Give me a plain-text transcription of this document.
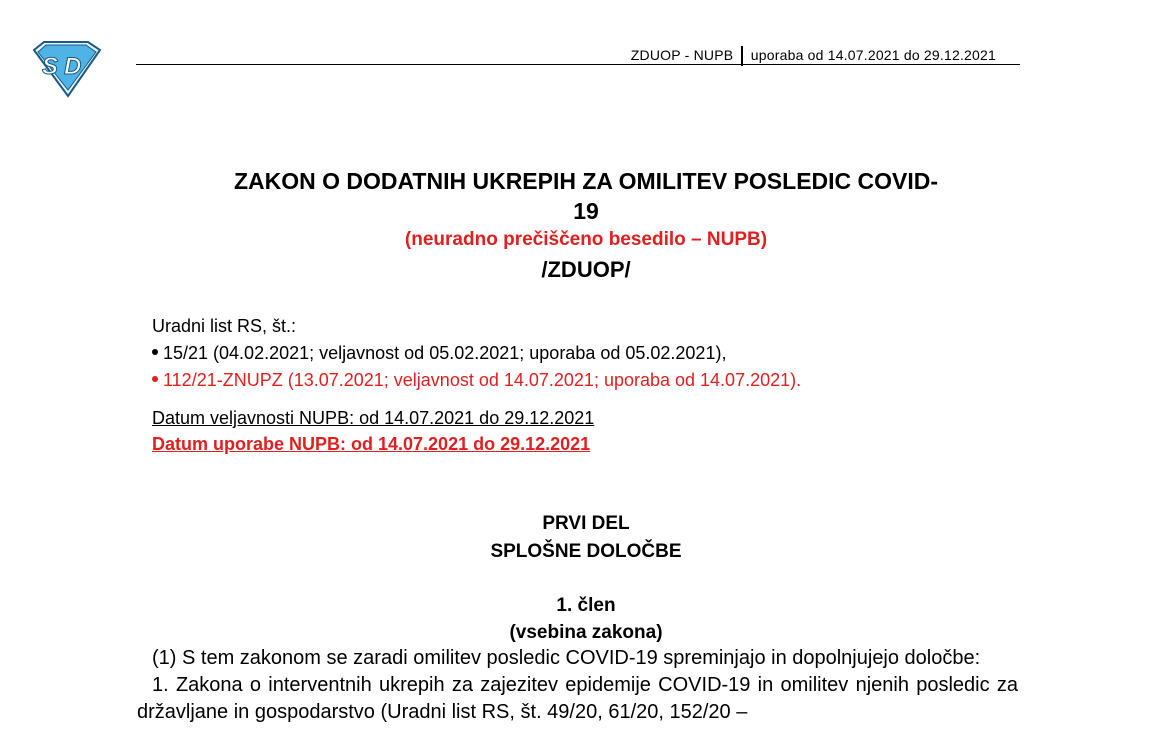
S D	ZDUOP - NUPB uporaba od 14.07.2021 do 29.12.2021
ZAKON O DODATNIH UKREPIH ZA OMILITEV POSLEDIC COVID-
19
(neuradno prečiščeno besedilo – NUPB)
/ZDUOP/
Uradni list RS, št.:
15/21 (04.02.2021; veljavnost od 05.02.2021; uporaba od 05.02.2021),
112/21-ZNUPZ (13.07.2021; veljavnost od 14.07.2021; uporaba od 14.07.2021).
Datum veljavnosti NUPB: od 14.07.2021 do 29.12.2021
Datum uporabe NUPB: od 14.07.2021 do 29.12.2021
PRVI DEL
SPLOŠNE DOLOČBE
1. člen
(vsebina zakona)

(1) S tem zakonom se zaradi omilitev posledic COVID-19 spreminjajo in dopolnjujejo določbe:

1. Zakona o interventnih ukrepih za zajezitev epidemije COVID-19 in omilitev njenih posledic za državljane in gospodarstvo (Uradni list RS, št. 49/20, 61/20, 152/20 –
